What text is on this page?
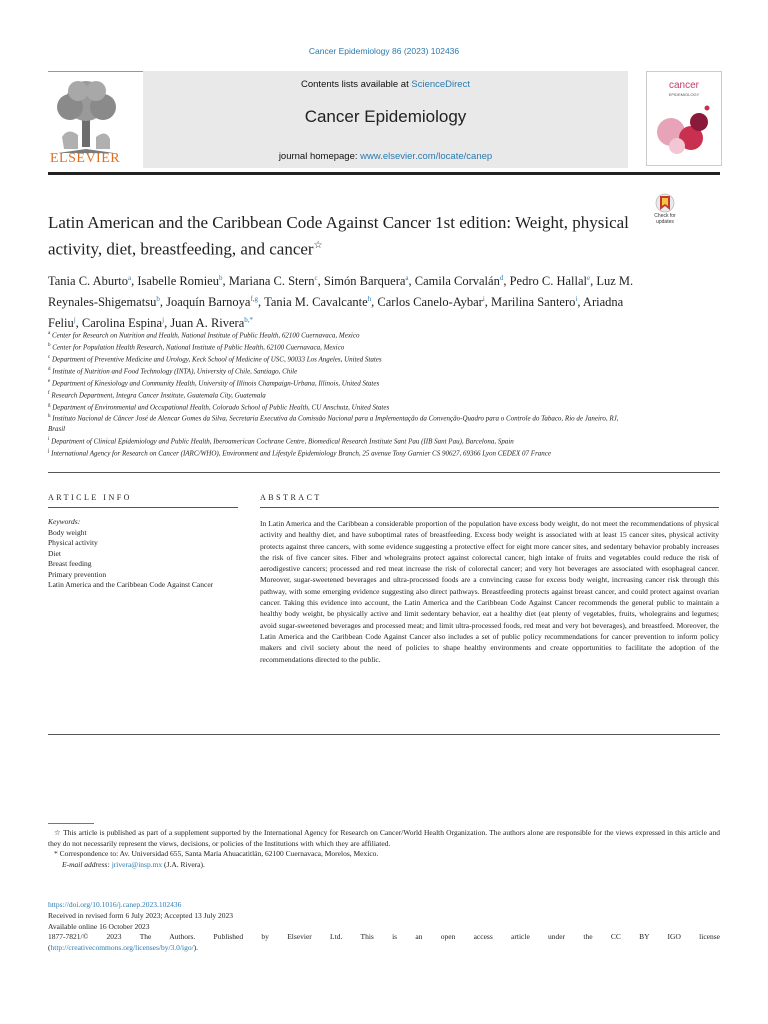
Cancer Epidemiology 86 (2023) 102436
ELSEVIER
Contents lists available at ScienceDirect
Cancer Epidemiology
journal homepage: www.elsevier.com/locate/canep
cancer
EPIDEMIOLOGY
Check for
updates
Latin American and the Caribbean Code Against Cancer 1st edition: Weight, physical activity, diet, breastfeeding, and cancer☆
Tania C. Aburto$^a$, Isabelle Romieu$^b$, Mariana C. Stern$^c$, Simón Barquera$^a$, Camila Corvalán$^d$, Pedro C. Hallal$^e$, Luz M. Reynales-Shigematsu$^b$, Joaquín Barnoya$^{f,g}$, Tania M. Cavalcante$^h$, Carlos Canelo-Aybar$^i$, Marilina Santero$^i$, Ariadna Feliu$^j$, Carolina Espina$^j$, Juan A. Rivera$^{b,*}$
$^a$ Center for Research on Nutrition and Health, National Institute of Public Health, 62100 Cuernavaca, Mexico
$^b$ Center for Population Health Research, National Institute of Public Health, 62100 Cuernavaca, Mexico
$^c$ Department of Preventive Medicine and Urology, Keck School of Medicine of USC, 90033 Los Angeles, United States
$^d$ Institute of Nutrition and Food Technology (INTA), University of Chile, Santiago, Chile
$^e$ Department of Kinesiology and Community Health, University of Illinois Champaign-Urbana, Illinois, United States
$^f$ Research Department, Integra Cancer Institute, Guatemala City, Guatemala
$^g$ Department of Environmental and Occupational Health, Colorado School of Public Health, CU Anschutz, United States
$^h$ Instituto Nacional de Câncer José de Alencar Gomes da Silva, Secretaria Executiva da Comissão Nacional para a Implementação da Convenção-Quadro para o Controle do Tabaco, Rio de Janeiro, RJ, Brasil
$^i$ Department of Clinical Epidemiology and Public Health, Iberoamerican Cochrane Centre, Biomedical Research Institute Sant Pau (IIB Sant Pau), Barcelona, Spain
$^j$ International Agency for Research on Cancer (IARC/WHO), Environment and Lifestyle Epidemiology Branch, 25 avenue Tony Garnier CS 90627, 69366 Lyon CEDEX 07 France
ARTICLE INFO	ABSTRACT
Keywords:
Body weight
Physical activity
Diet
Breast feeding
Primary prevention
Latin America and the Caribbean Code Against Cancer
In Latin America and the Caribbean a considerable proportion of the population have excess body weight, do not meet the recommendations of physical activity and healthy diet, and have suboptimal rates of breastfeeding. Excess body weight is associated with at least 15 cancer sites, physical activity protects against three cancers, with some evidence suggesting a protective effect for eight more cancer sites, and sedentary behavior probably increases the risk of five cancer sites. Fiber and wholegrains protect against colorectal cancer, high intake of fruits and vegetables could reduce the risk of aerodigestive cancers; processed and red meat increase the risk of colorectal cancer; and very hot beverages are associated with esophageal cancer. Moreover, sugar-sweetened beverages and ultra-processed foods are a convincing cause for excess body weight, increasing cancer risk through this pathway, with some emerging evidence suggesting also direct pathways. Breastfeeding protects against breast cancer, and could protect against ovarian cancer. Taking this evidence into account, the Latin America and the Caribbean Code Against Cancer recommends the general public to maintain a healthy body weight, be physically active and limit sedentary behavior, eat a healthy diet (eat plenty of vegetables, fruits, wholegrains and legumes; avoid sugar-sweetened beverages and processed meat; and limit ultra-processed foods, red meat and very hot beverages), and breastfeed. Moreover, the Latin America and the Caribbean Code Against Cancer also includes a set of public policy recommendations for cancer prevention to inform policy makers and civil society about the need of policies to shape healthy environments and create opportunities to facilitate the adoption of the recommendations directed to the public.
☆ This article is published as part of a supplement supported by the International Agency for Research on Cancer/World Health Organization. The authors alone are responsible for the views expressed in this article and they do not necessarily represent the views, decisions, or policies of the Institutions with which they are affiliated.
* Correspondence to: Av. Universidad 655, Santa María Ahuacatitlán, 62100 Cuernavaca, Morelos, Mexico.
E-mail address: jrivera@insp.mx (J.A. Rivera).
https://doi.org/10.1016/j.canep.2023.102436
Received in revised form 6 July 2023; Accepted 13 July 2023
Available online 16 October 2023
1877-7821/© 2023 The Authors. Published by Elsevier Ltd. This is an open access article under the CC BY IGO license
(http://creativecommons.org/licenses/by/3.0/igo/).
